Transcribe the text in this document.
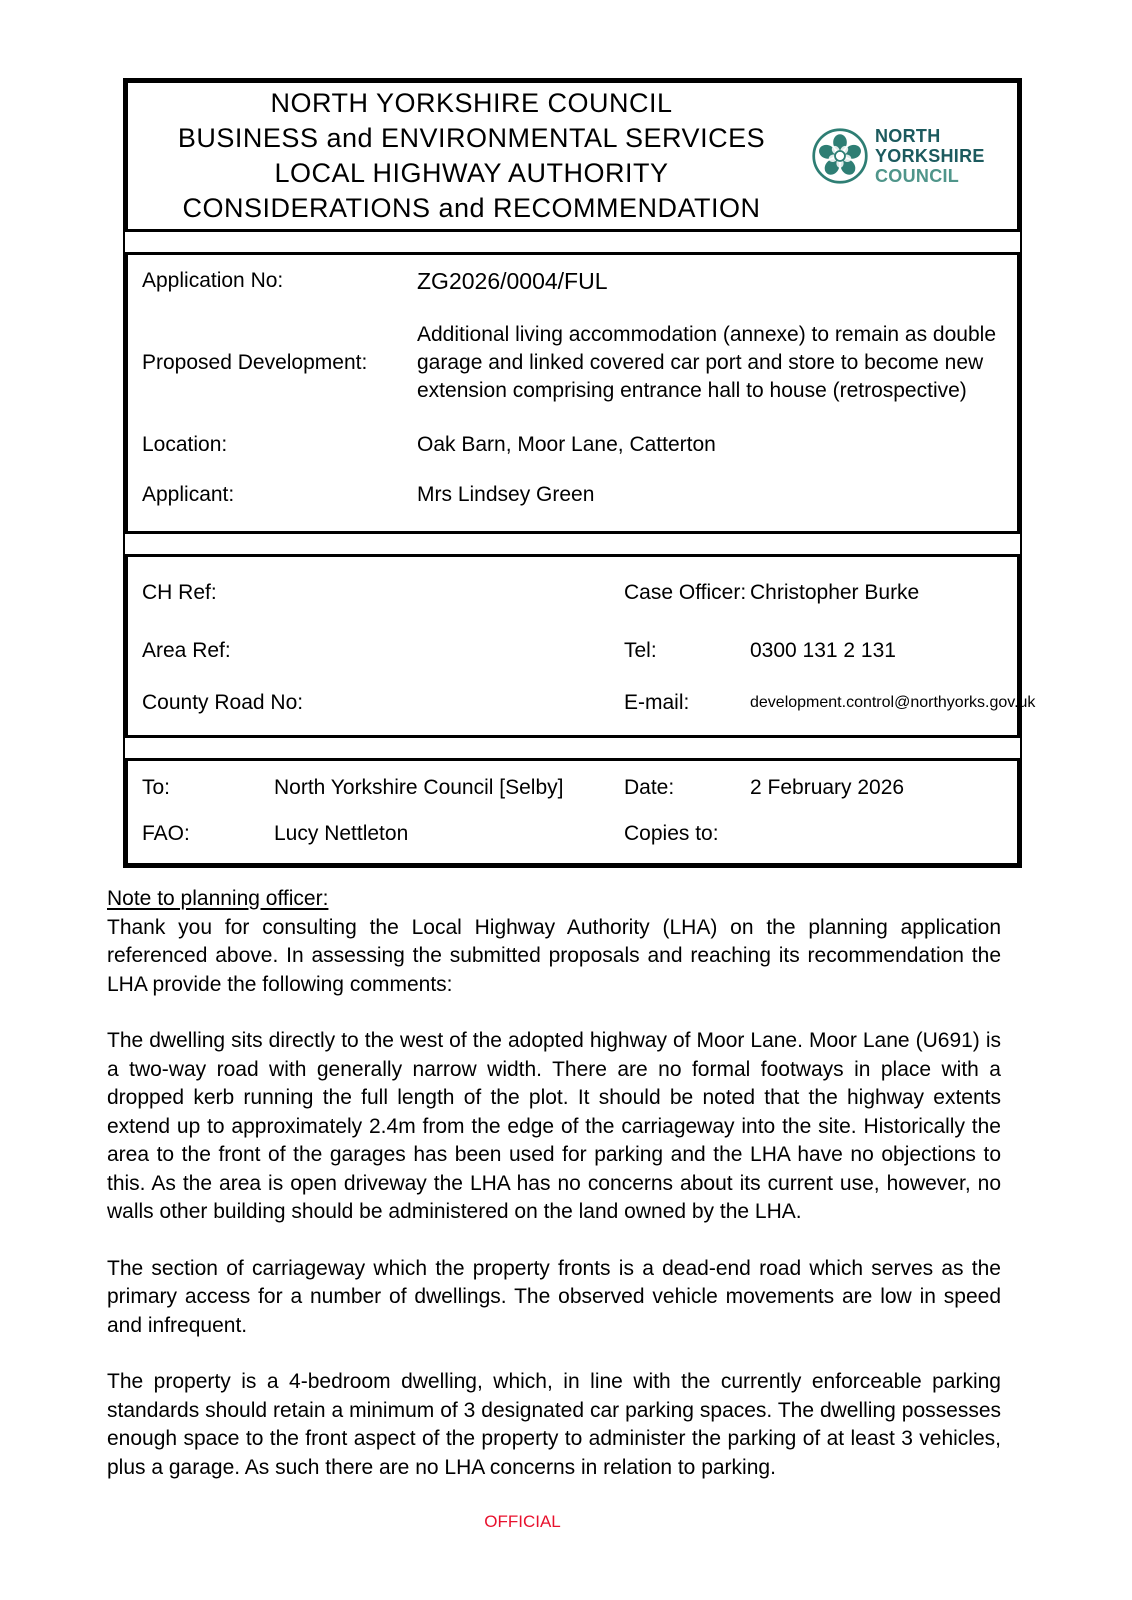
NORTH YORKSHIRE COUNCIL
BUSINESS and ENVIRONMENTAL SERVICES
LOCAL HIGHWAY AUTHORITY
CONSIDERATIONS and RECOMMENDATION
NORTH
YORKSHIRE
COUNCIL
Application No:	ZG2026/0004/FUL
Proposed Development:
Additional living accommodation (annexe) to remain as double garage and linked covered car port and store to become new extension comprising entrance hall to house (retrospective)
Location:	Oak Barn, Moor Lane, Catterton
Applicant:	Mrs Lindsey Green
CH Ref:	Case Officer: Christopher Burke
Area Ref:	Tel:	0300 131 2 131
County Road No:	E-mail:	development.control@northyorks.gov.uk
To:	North Yorkshire Council [Selby]	Date:	2 February 2026
FAO:	Lucy Nettleton	Copies to:
Note to planning officer:

Thank you for consulting the Local Highway Authority (LHA) on the planning application referenced above. In assessing the submitted proposals and reaching its recommendation the LHA provide the following comments:

The dwelling sits directly to the west of the adopted highway of Moor Lane. Moor Lane (U691) is a two-way road with generally narrow width. There are no formal footways in place with a dropped kerb running the full length of the plot. It should be noted that the highway extents extend up to approximately 2.4m from the edge of the carriageway into the site. Historically the area to the front of the garages has been used for parking and the LHA have no objections to this. As the area is open driveway the LHA has no concerns about its current use, however, no walls other building should be administered on the land owned by the LHA.

The section of carriageway which the property fronts is a dead-end road which serves as the primary access for a number of dwellings. The observed vehicle movements are low in speed and infrequent.

The property is a 4-bedroom dwelling, which, in line with the currently enforceable parking standards should retain a minimum of 3 designated car parking spaces. The dwelling possesses enough space to the front aspect of the property to administer the parking of at least 3 vehicles, plus a garage. As such there are no LHA concerns in relation to parking.

OFFICIAL
